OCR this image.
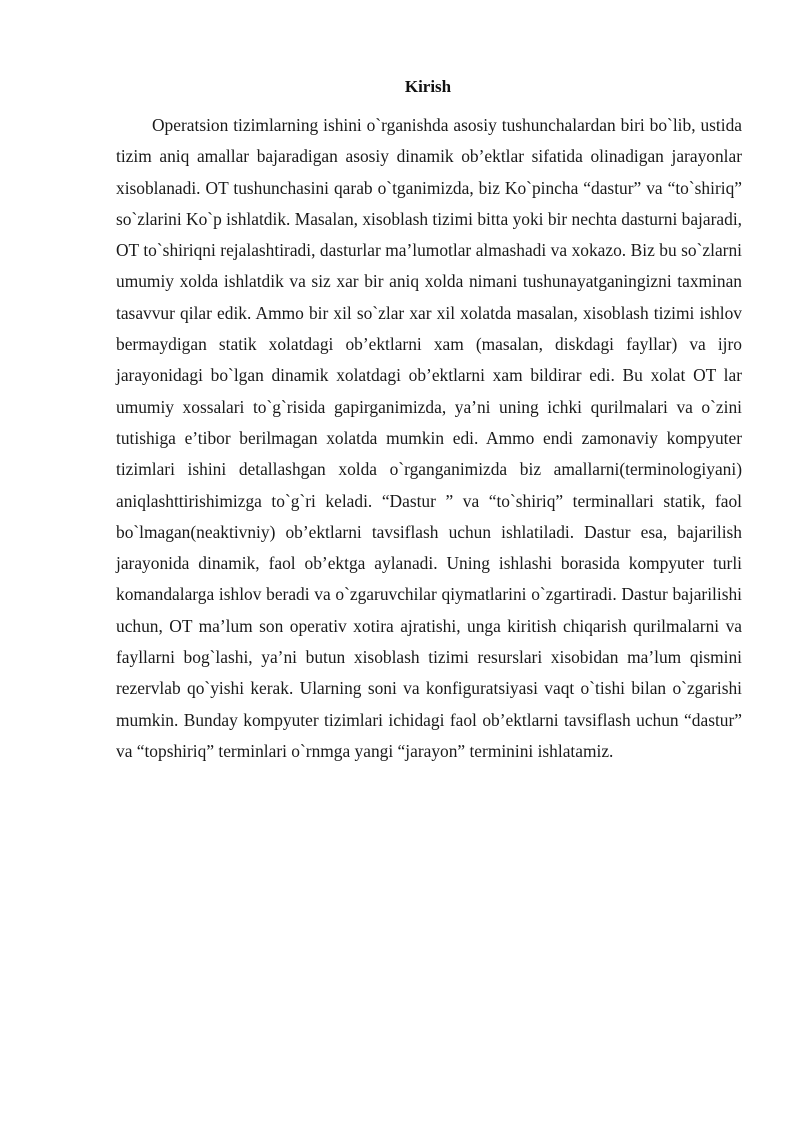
Kirish

Operatsion tizimlarning ishini o`rganishda asosiy tushunchalardan biri bo`lib, ustida tizim aniq amallar bajaradigan asosiy dinamik ob’ektlar sifatida olinadigan jarayonlar xisoblanadi. OT tushunchasini qarab o`tganimizda, biz Ko`pincha “dastur” va “to`shiriq” so`zlarini Ko`p ishlatdik. Masalan, xisoblash tizimi bitta yoki bir nechta dasturni bajaradi, OT to`shiriqni rejalashtiradi, dasturlar ma’lumotlar almashadi va xokazo. Biz bu so`zlarni umumiy xolda ishlatdik va siz xar bir aniq xolda nimani tushunayatganingizni taxminan tasavvur qilar edik. Ammo bir xil so`zlar xar xil xolatda masalan, xisoblash tizimi ishlov bermaydigan statik xolatdagi ob’ektlarni xam (masalan, diskdagi fayllar) va ijro jarayonidagi bo`lgan dinamik xolatdagi ob’ektlarni xam bildirar edi. Bu xolat OT lar umumiy xossalari to`g`risida gapirganimizda, ya’ni uning ichki qurilmalari va o`zini tutishiga e’tibor berilmagan xolatda mumkin edi. Ammo endi zamonaviy kompyuter tizimlari ishini detallashgan xolda o`rganganimizda biz amallarni(terminologiyani) aniqlashttirishimizga to`g`ri keladi. “Dastur ” va “to`shiriq” terminallari statik, faol bo`lmagan(neaktivniy) ob’ektlarni tavsiflash uchun ishlatiladi. Dastur esa, bajarilish jarayonida dinamik, faol ob’ektga aylanadi. Uning ishlashi borasida kompyuter turli komandalarga ishlov beradi va o`zgaruvchilar qiymatlarini o`zgartiradi. Dastur bajarilishi uchun, OT ma’lum son operativ xotira ajratishi, unga kiritish chiqarish qurilmalarni va fayllarni bog`lashi, ya’ni butun xisoblash tizimi resurslari xisobidan ma’lum qismini rezervlab qo`yishi kerak. Ularning soni va konfiguratsiyasi vaqt o`tishi bilan o`zgarishi mumkin. Bunday kompyuter tizimlari ichidagi faol ob’ektlarni tavsiflash uchun “dastur” va “topshiriq” terminlari o`rnmga yangi “jarayon” terminini ishlatamiz.
